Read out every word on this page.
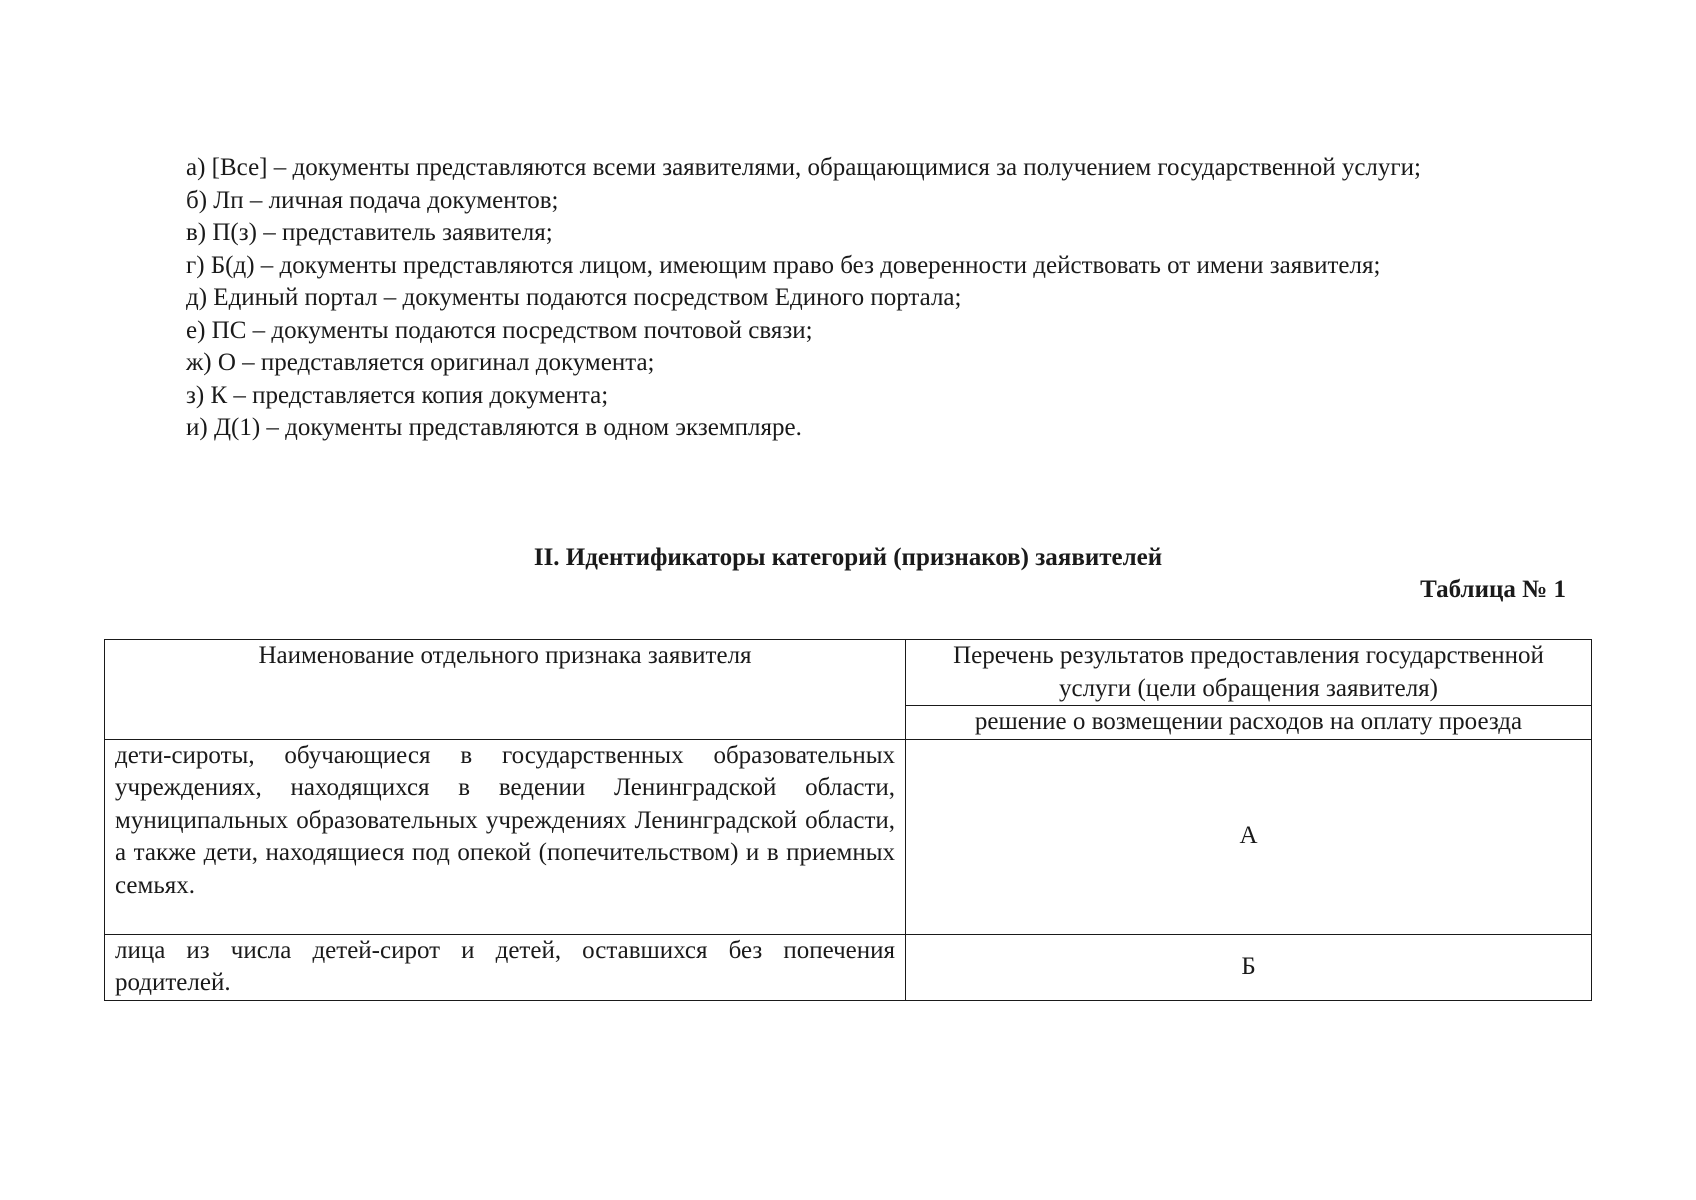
а) [Все] – документы представляются всеми заявителями, обращающимися за получением государственной услуги;

б) Лп – личная подача документов;

в) П(з) – представитель заявителя;

г) Б(д) – документы представляются лицом, имеющим право без доверенности действовать от имени заявителя;

д) Единый портал – документы подаются посредством Единого портала;

е) ПС – документы подаются посредством почтовой связи;

ж) О – представляется оригинал документа;

з) К – представляется копия документа;

и) Д(1) – документы представляются в одном экземпляре.

II. Идентификаторы категорий (признаков) заявителей

Таблица № 1

Наименование отдельного признака заявителя	Перечень результатов предоставления государственной услуги (цели обращения заявителя)
	решение о возмещении расходов на оплату проезда
дети-сироты, обучающиеся в государственных образовательных учреждениях, находящихся в ведении Ленинградской области, муниципальных образовательных учреждениях Ленинградской области, а также дети, находящиеся под опекой (попечительством) и в приемных семьях.	А
лица из числа детей-сирот и детей, оставшихся без попечения родителей.	Б
